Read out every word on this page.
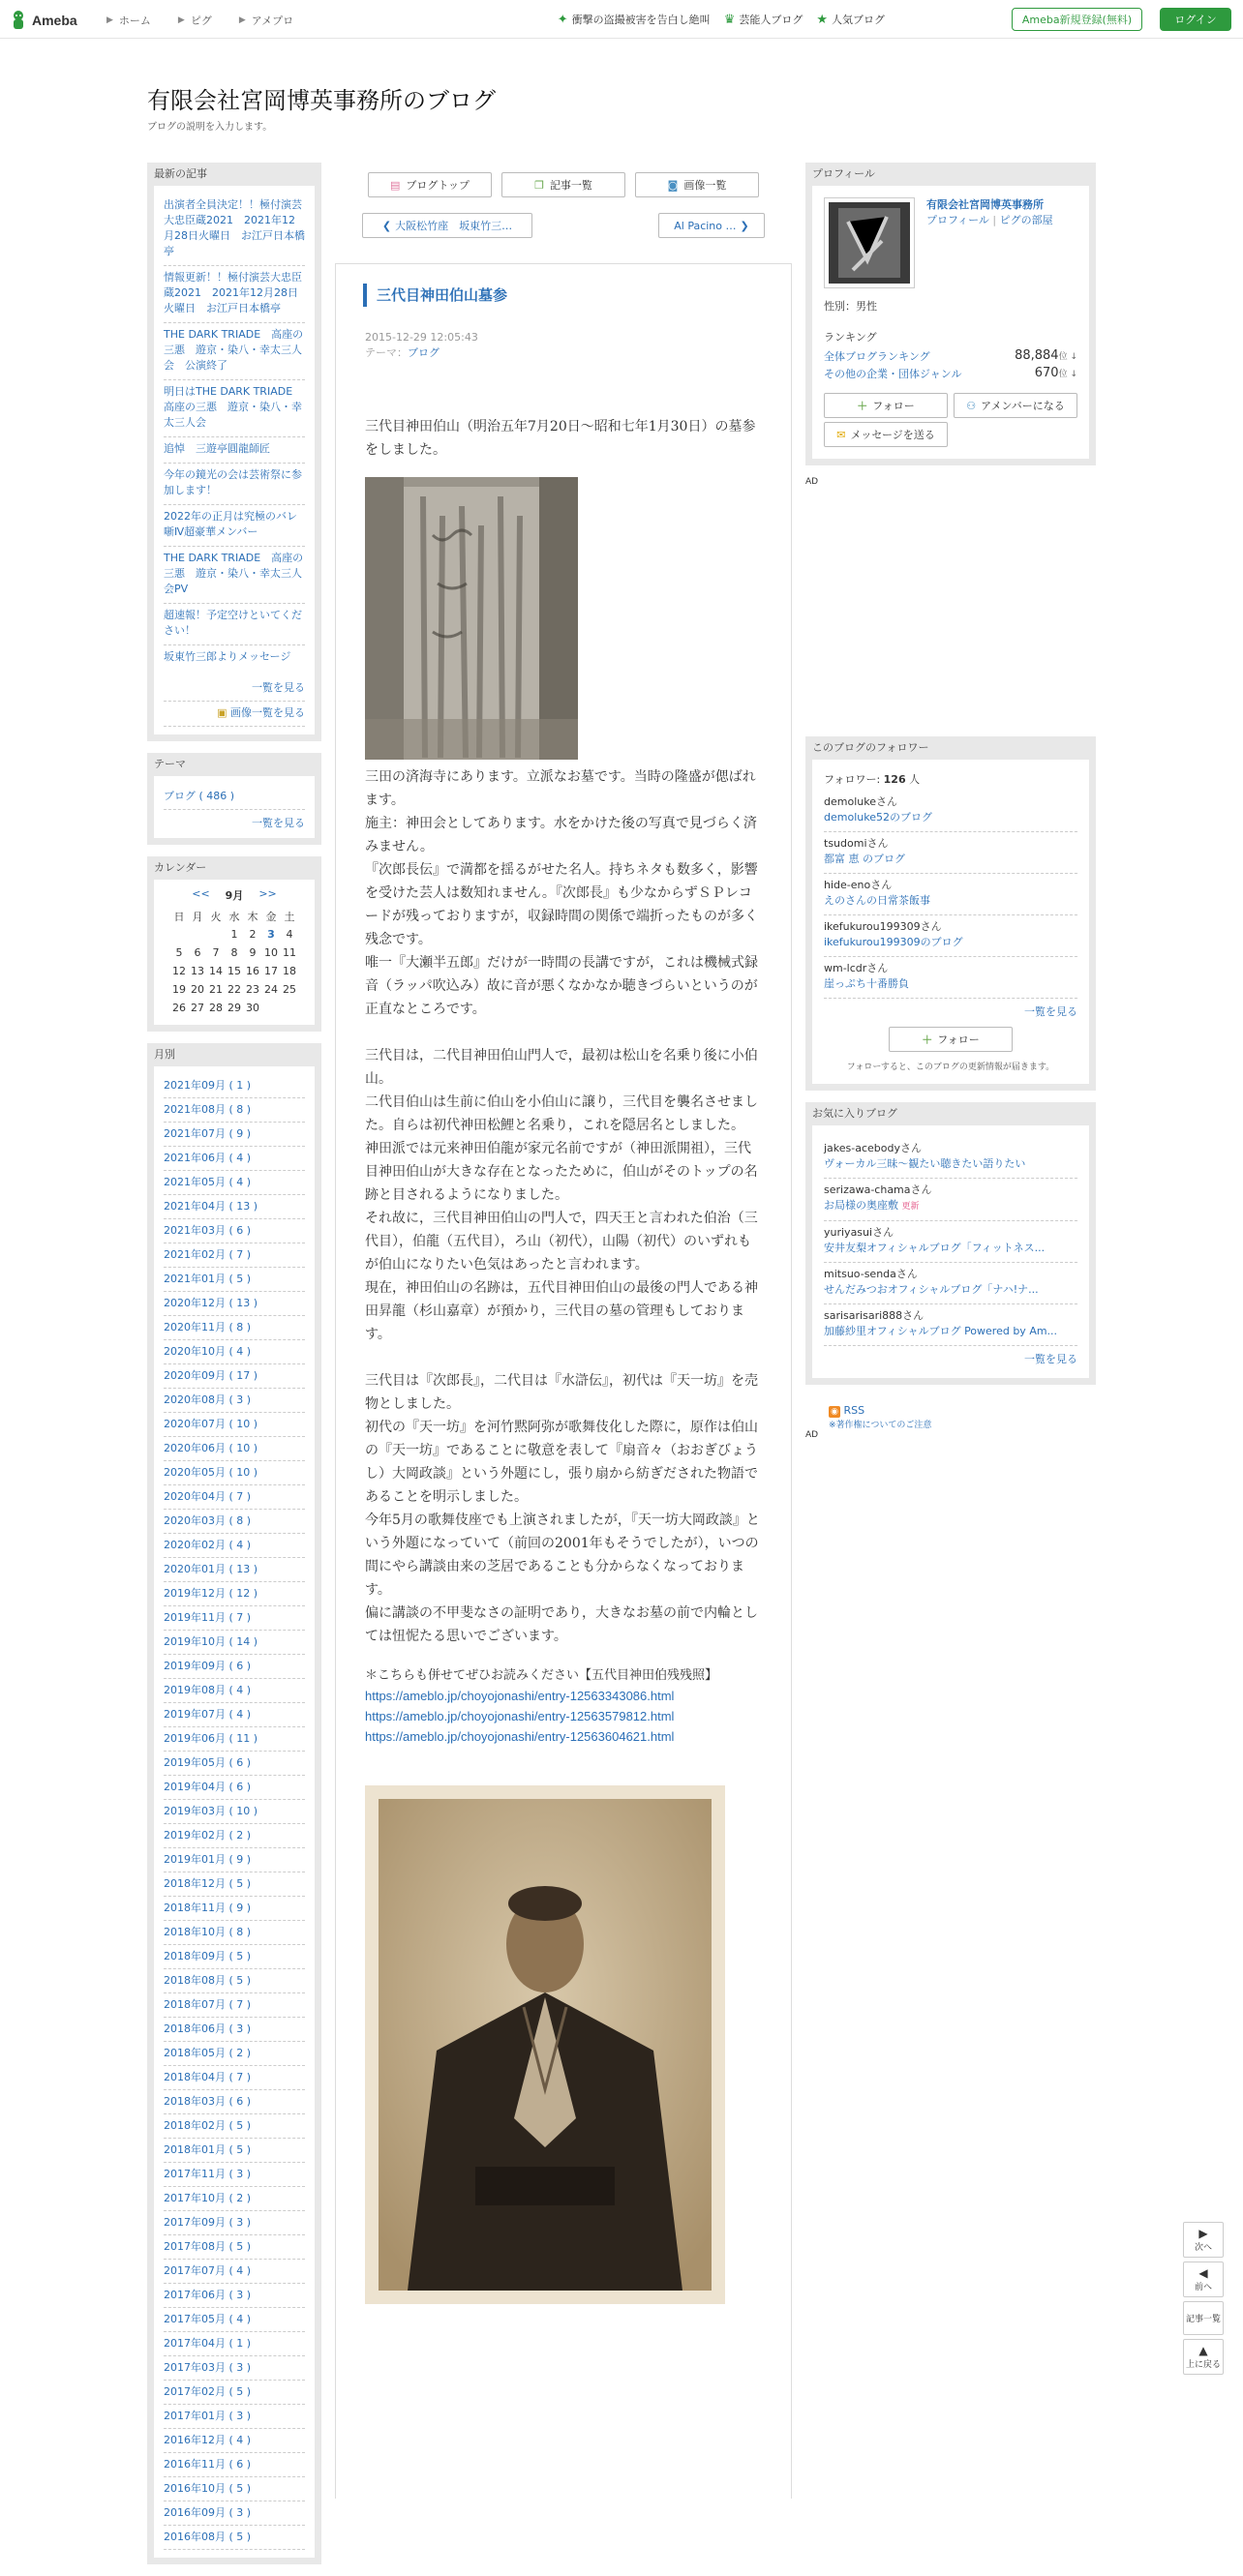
Ameba	▶ ホーム	▶ ピグ	▶ アメプロ	✦ 衝撃の盗撮被害を告白し絶叫 ♛ 芸能人ブログ ★ 人気ブログ	Ameba新規登録(無料)	ログイン
有限会社宮岡博英事務所のブログ
ブログの説明を入力します。
最新の記事
出演者全員決定！！極付演芸大忠臣蔵2021　2021年12月28日火曜日　お江戸日本橋亭
情報更新！！極付演芸大忠臣蔵2021　2021年12月28日火曜日　お江戸日本橋亭
THE DARK TRIADE　高座の三悪　遊京・染八・幸太三人会　公演終了
明日はTHE DARK TRIADE　高座の三悪　遊京・染八・幸太三人会
追悼　三遊亭圓龍師匠
今年の鏡光の会は芸術祭に参加します！
2022年の正月は究極のバレ噺Ⅳ超豪華メンバー
THE DARK TRIADE　高座の三悪　遊京・染八・幸太三人会PV
超速報！予定空けといてください！
坂東竹三郎よりメッセージ
一覧を見る
▣ 画像一覧を見る
テーマ
ブログ ( 486 )
一覧を見る
カレンダー
<< 9月 >>
日	月	火	水	木	金	土
			1	2	3	4
5	6	7	8	9	10	11
12	13	14	15	16	17	18
19	20	21	22	23	24	25
26	27	28	29	30		
月別
2021年09月 ( 1 )
2021年08月 ( 8 )
2021年07月 ( 9 )
2021年06月 ( 4 )
2021年05月 ( 4 )
2021年04月 ( 13 )
2021年03月 ( 6 )
2021年02月 ( 7 )
2021年01月 ( 5 )
2020年12月 ( 13 )
2020年11月 ( 8 )
2020年10月 ( 4 )
2020年09月 ( 17 )
2020年08月 ( 3 )
2020年07月 ( 10 )
2020年06月 ( 10 )
2020年05月 ( 10 )
2020年04月 ( 7 )
2020年03月 ( 8 )
2020年02月 ( 4 )
2020年01月 ( 13 )
2019年12月 ( 12 )
2019年11月 ( 7 )
2019年10月 ( 14 )
2019年09月 ( 6 )
2019年08月 ( 4 )
2019年07月 ( 4 )
2019年06月 ( 11 )
2019年05月 ( 6 )
2019年04月 ( 6 )
2019年03月 ( 10 )
2019年02月 ( 2 )
2019年01月 ( 9 )
2018年12月 ( 5 )
2018年11月 ( 9 )
2018年10月 ( 8 )
2018年09月 ( 5 )
2018年08月 ( 5 )
2018年07月 ( 7 )
2018年06月 ( 3 )
2018年05月 ( 2 )
2018年04月 ( 7 )
2018年03月 ( 6 )
2018年02月 ( 5 )
2018年01月 ( 5 )
2017年11月 ( 3 )
2017年10月 ( 2 )
2017年09月 ( 3 )
2017年08月 ( 5 )
2017年07月 ( 4 )
2017年06月 ( 3 )
2017年05月 ( 4 )
2017年04月 ( 1 )
2017年03月 ( 3 )
2017年02月 ( 5 )
2017年01月 ( 3 )
2016年12月 ( 4 )
2016年11月 ( 6 )
2016年10月 ( 5 )
2016年09月 ( 3 )
2016年08月 ( 5 )
▤ ブログトップ	❐ 記事一覧	◙ 画像一覧
❮ 大阪松竹座　坂東竹三…	Al Pacino … ❯
三代目神田伯山墓参
2015-12-29 12:05:43
テーマ：ブログ

三代目神田伯山（明治五年7月20日～昭和七年1月30日）の墓参をしました。

三田の済海寺にあります。立派なお墓です。当時の隆盛が偲ばれます。

施主：神田会としてあります。水をかけた後の写真で見づらく済みません。

『次郎長伝』で満都を揺るがせた名人。持ちネタも数多く，影響を受けた芸人は数知れません。『次郎長』も少なからずＳＰレコードが残っておりますが，収録時間の関係で端折ったものが多く残念です。

唯一『大瀬半五郎』だけが一時間の長講ですが，これは機械式録音（ラッパ吹込み）故に音が悪くなかなか聴きづらいというのが正直なところです。

三代目は，二代目神田伯山門人で，最初は松山を名乗り後に小伯山。

二代目伯山は生前に伯山を小伯山に譲り，三代目を襲名させました。自らは初代神田松鯉と名乗り，これを隠居名としました。

神田派では元来神田伯龍が家元名前ですが（神田派開祖），三代目神田伯山が大きな存在となったために，伯山がそのトップの名跡と目されるようになりました。

それ故に，三代目神田伯山の門人で，四天王と言われた伯治（三代目），伯龍（五代目），ろ山（初代），山陽（初代）のいずれもが伯山になりたい色気はあったと言われます。

現在，神田伯山の名跡は，五代目神田伯山の最後の門人である神田昇龍（杉山嘉章）が預かり，三代目の墓の管理もしております。

三代目は『次郎長』，二代目は『水滸伝』，初代は『天一坊』を売物としました。

初代の『天一坊』を河竹黙阿弥が歌舞伎化した際に，原作は伯山の『天一坊』であることに敬意を表して『扇音々（おおぎびょうし）大岡政談』という外題にし，張り扇から紡ぎだされた物語であることを明示しました。

今年5月の歌舞伎座でも上演されましたが，『天一坊大岡政談』という外題になっていて（前回の2001年もそうでしたが），いつの間にやら講談由来の芝居であることも分からなくなっております。

偏に講談の不甲斐なさの証明であり，大きなお墓の前で内輪としては忸怩たる思いでございます。

＊こちらも併せてぜひお読みください【五代目神田伯残残照】

https://ameblo.jp/choyojonashi/entry-12563343086.html
https://ameblo.jp/choyojonashi/entry-12563579812.html
https://ameblo.jp/choyojonashi/entry-12563604621.html
プロフィール
有限会社宮岡博英事務所
プロフィール | ピグの部屋
性別：男性
ランキング
全体ブログランキング	88,884位 ↓
その他の企業・団体ジャンル	670位 ↓
＋ フォロー	⚇ アメンバーになる
✉ メッセージを送る
AD
このブログのフォロワー
フォロワー: 126 人
demolukeさん
demoluke52のブログ
tsudomiさん
都富 恵 のブログ
hide-enoさん
えのさんの日常茶飯事
ikefukurou199309さん
ikefukurou199309のブログ
wm-lcdrさん
崖っぷち十番勝負
一覧を見る
＋ フォロー
フォローすると、このブログの更新情報が届きます。
お気に入りブログ
jakes-acebodyさん
ヴォーカル三昧～観たい聴きたい語りたい
serizawa-chamaさん
お局様の奥座敷 更新
yuriyasuiさん
安井友梨オフィシャルブログ「フィットネス...
mitsuo-sendaさん
せんだみつおオフィシャルブログ「ナハ!ナ...
sarisarisari888さん
加藤紗里オフィシャルブログ Powered by Am...
一覧を見る
◉ RSS
※著作権についてのご注意
AD
▶
次へ
◀
前へ
記事一覧
▲
上に戻る
